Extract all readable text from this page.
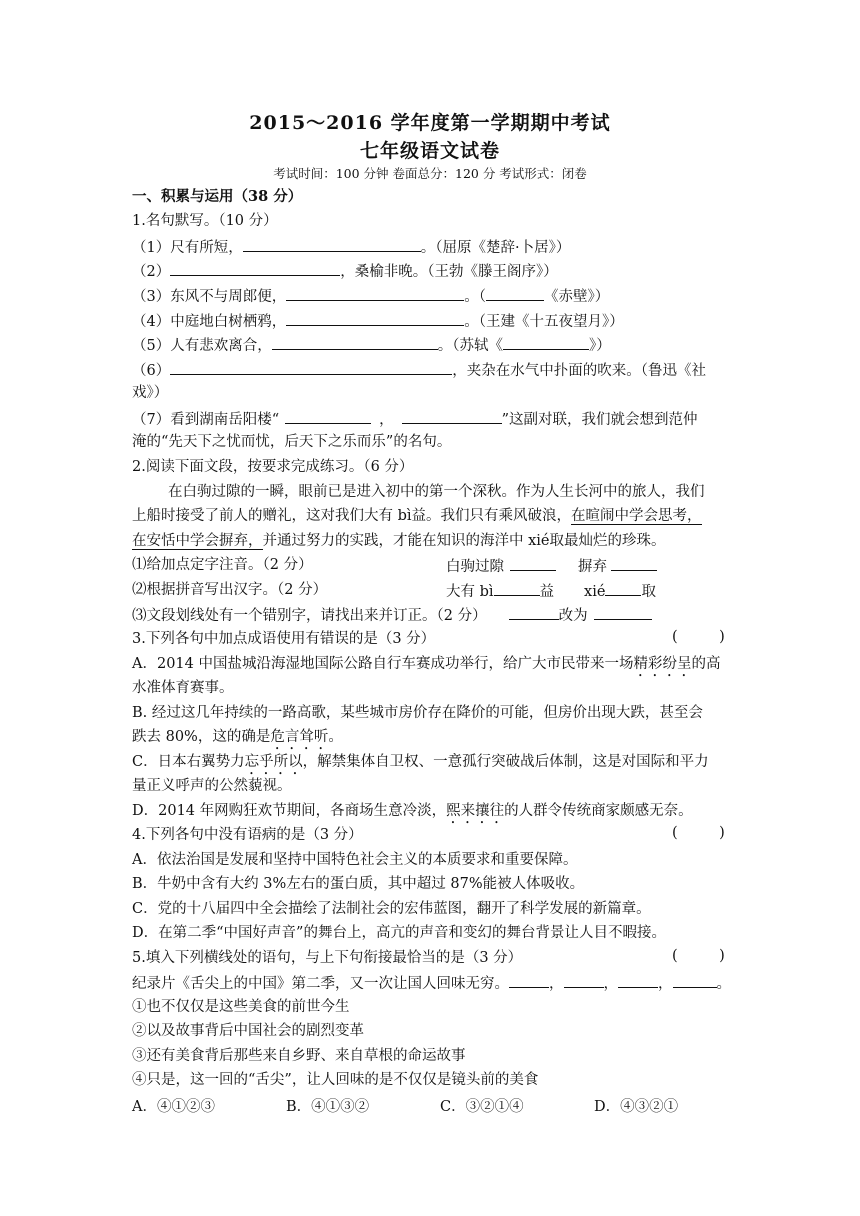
2015～2016 学年度第一学期期中考试
七年级语文试卷
考试时间：100 分钟 卷面总分：120 分 考试形式：闭卷
一、积累与运用（38 分）
1.名句默写。（10 分）
（1）尺有所短，	。（屈原《楚辞·卜居》）
（2）	，桑榆非晚。（王勃《滕王阁序》）
（3）东风不与周郎便，	。（	《赤壁》）
（4）中庭地白树栖鸦，	。（王建《十五夜望月》）
（5）人有悲欢离合，	。（苏轼《	》）
（6）	，夹杂在水气中扑面的吹来。（鲁迅《社
戏》）
（7）看到湖南岳阳楼“	，	”这副对联，我们就会想到范仲
淹的“先天下之忧而忧，后天下之乐而乐”的名句。
2.阅读下面文段，按要求完成练习。（6 分）
在白驹过隙的一瞬，眼前已是进入初中的第一个深秋。作为人生长河中的旅人，我们
上船时接受了前人的赠礼，这对我们大有 bì益。我们只有乘风破浪，在暄闹中学会思考，
在安恬中学会摒弃，并通过努力的实践，才能在知识的海洋中 xié取最灿烂的珍珠。
⑴给加点定字注音。（2 分）	白驹过隙	摒弃
⑵根据拼音写出汉字。（2 分）	大有 bì	益 xié 取
⑶文段划线处有一个错别字，请找出来并订正。（2 分）	改为
3.下列各句中加点成语使用有错误的是（3 分）	(         )
A．2014 中国盐城沿海湿地国际公路自行车赛成功举行，给广大市民带来一场精彩纷呈的高
水准体育赛事。
B. 经过这几年持续的一路高歌，某些城市房价存在降价的可能，但房价出现大跌，甚至会
跌去 80%，这的确是危言耸听。
C．日本右翼势力忘乎所以，解禁集体自卫权、一意孤行突破战后体制，这是对国际和平力
量正义呼声的公然藐视。
D．2014 年网购狂欢节期间，各商场生意冷淡，熙来攘往的人群令传统商家颇感无奈。
4.下列各句中没有语病的是（3 分）	(         )
A．依法治国是发展和坚持中国特色社会主义的本质要求和重要保障。
B．牛奶中含有大约 3%左右的蛋白质，其中超过 87%能被人体吸收。
C．党的十八届四中全会描绘了法制社会的宏伟蓝图，翻开了科学发展的新篇章。
D．在第二季“中国好声音”的舞台上，高亢的声音和变幻的舞台背景让人目不暇接。
5.填入下列横线处的语句，与上下句衔接最恰当的是（3 分）	(         )
纪录片《舌尖上的中国》第二季，又一次让国人回味无穷。	，	，	，	。
①也不仅仅是这些美食的前世今生
②以及故事背后中国社会的剧烈变革
③还有美食背后那些来自乡野、来自草根的命运故事
④只是，这一回的“舌尖”，让人回味的是不仅仅是镜头前的美食
A．④①②③	B．④①③②	C．③②①④	D．④③②①
